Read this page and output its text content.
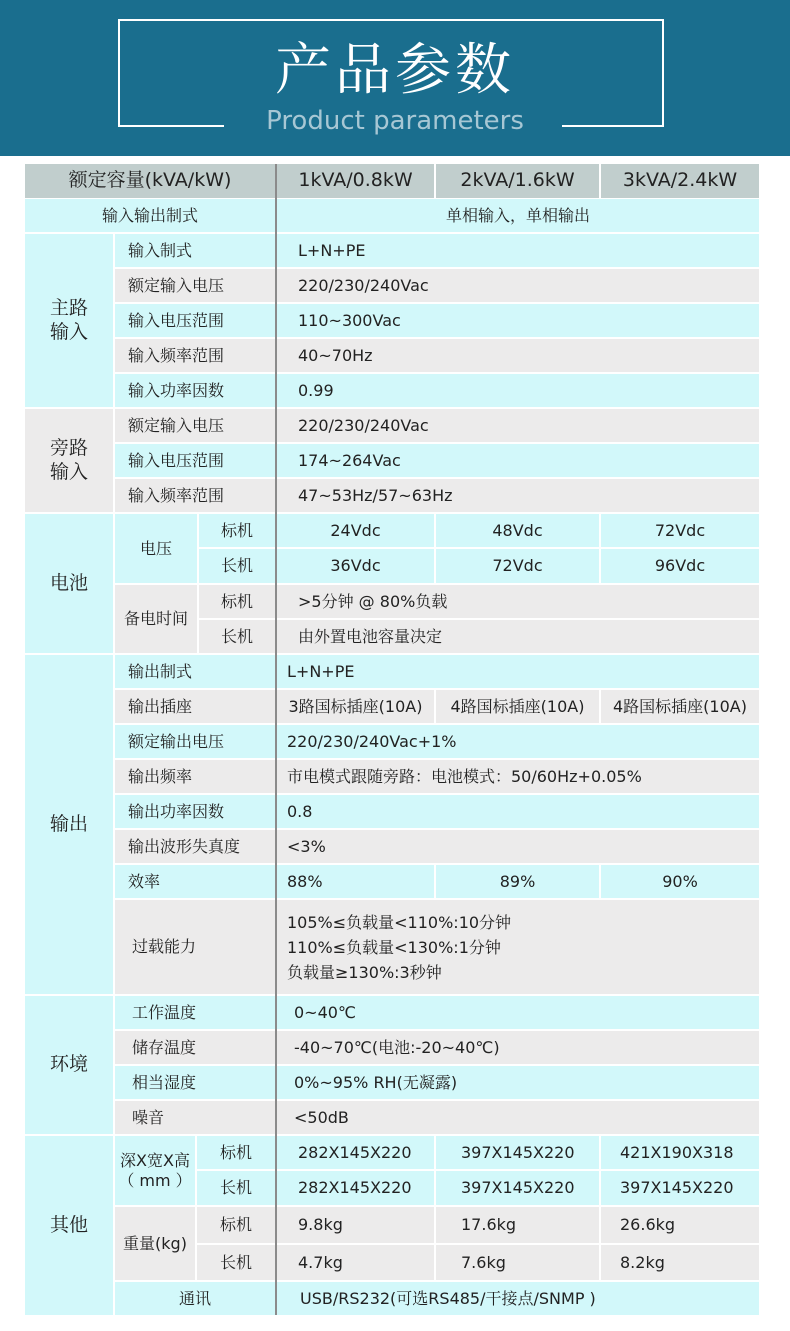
产品参数
Product parameters
额定容量(kVA/kW)	1kVA/0.8kW	2kVA/1.6kW	3kVA/2.4kW
输入输出制式	单相输入，单相输出
主路
输入
输入制式	L+N+PE
额定输入电压	220/230/240Vac
输入电压范围	110~300Vac
输入频率范围	40~70Hz
输入功率因数	0.99
旁路
输入
额定输入电压	220/230/240Vac
输入电压范围	174~264Vac
输入频率范围	47~53Hz/57~63Hz
电池
电压
标机	24Vdc	48Vdc	72Vdc
长机	36Vdc	72Vdc	96Vdc
备电时间
标机	>5分钟 @ 80%负载
长机	由外置电池容量决定
输出
输出制式	L+N+PE
输出插座	3路国标插座(10A)	4路国标插座(10A)	4路国标插座(10A)
额定输出电压	220/230/240Vac+1%
输出频率	市电模式跟随旁路：电池模式：50/60Hz+0.05%
输出功率因数	0.8
输出波形失真度	<3%
效率	88%	89%	90%
过载能力
105%≤负载量<110%:10分钟
110%≤负载量<130%:1分钟
负载量≥130%:3秒钟
环境
工作温度	0~40℃
储存温度	-40~70℃(电池:-20~40℃)
相当湿度	0%~95% RH(无凝露)
噪音	<50dB
其他
深X宽X高
（ mm ）
标机	282X145X220	397X145X220	421X190X318
长机	282X145X220	397X145X220	397X145X220
重量(kg)
标机	9.8kg	17.6kg	26.6kg
长机	4.7kg	7.6kg	8.2kg
通讯	USB/RS232(可选RS485/干接点/SNMP )
